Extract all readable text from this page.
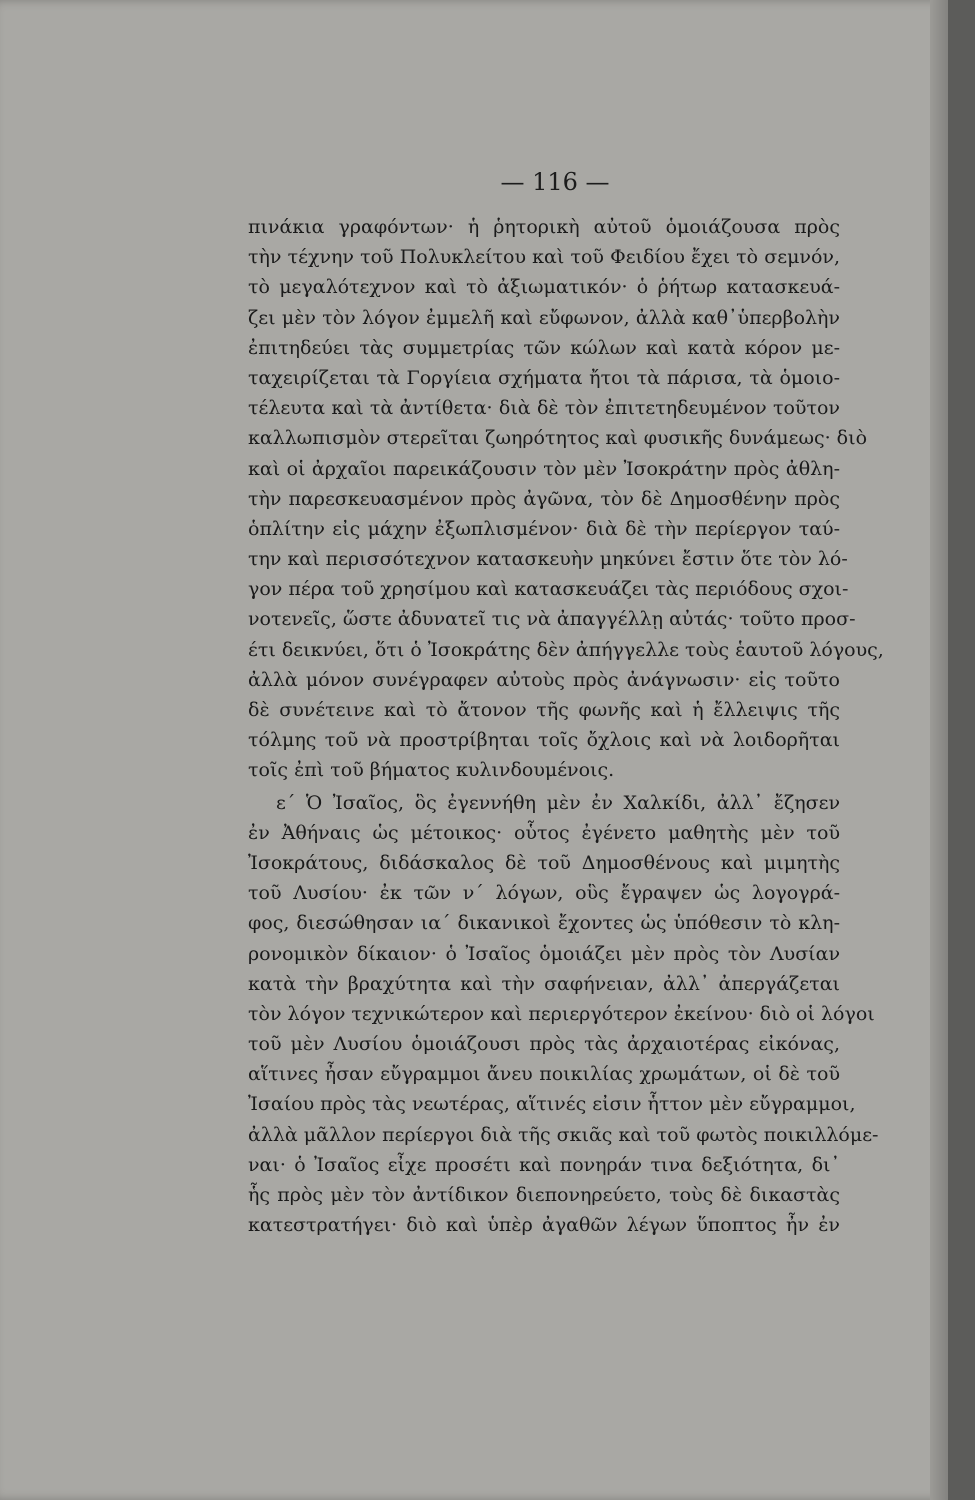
— 116 —
πινάκια γραφόντων· ἡ ῥητορικὴ αὐτοῦ ὁμοιάζουσα πρὸς
τὴν τέχνην τοῦ Πολυκλείτου καὶ τοῦ Φειδίου ἔχει τὸ σεμνόν,
τὸ μεγαλότεχνον καὶ τὸ ἀξιωματικόν· ὁ ῥήτωρ κατασκευά-
ζει μὲν τὸν λόγον ἐμμελῆ καὶ εὔφωνον, ἀλλὰ καθ᾽ὑπερβολὴν
ἐπιτηδεύει τὰς συμμετρίας τῶν κώλων καὶ κατὰ κόρον με-
ταχειρίζεται τὰ Γοργίεια σχήματα ἤτοι τὰ πάρισα, τὰ ὁμοιο-
τέλευτα καὶ τὰ ἀντίθετα· διὰ δὲ τὸν ἐπιτετηδευμένον τοῦτον
καλλωπισμὸν στερεῖται ζωηρότητος καὶ φυσικῆς δυνάμεως· διὸ
καὶ οἱ ἀρχαῖοι παρεικάζουσιν τὸν μὲν Ἰσοκράτην πρὸς ἀθλη-
τὴν παρεσκευασμένον πρὸς ἀγῶνα, τὸν δὲ Δημοσθένην πρὸς
ὁπλίτην εἰς μάχην ἐξωπλισμένον· διὰ δὲ τὴν περίεργον ταύ-
την καὶ περισσότεχνον κατασκευὴν μηκύνει ἔστιν ὅτε τὸν λό-
γον πέρα τοῦ χρησίμου καὶ κατασκευάζει τὰς περιόδους σχοι-
νοτενεῖς, ὥστε ἀδυνατεῖ τις νὰ ἀπαγγέλλῃ αὐτάς· τοῦτο προσ-
έτι δεικνύει, ὅτι ὁ Ἰσοκράτης δὲν ἀπήγγελλε τοὺς ἑαυτοῦ λόγους,
ἀλλὰ μόνον συνέγραφεν αὐτοὺς πρὸς ἀνάγνωσιν· εἰς τοῦτο
δὲ συνέτεινε καὶ τὸ ἄτονον τῆς φωνῆς καὶ ἡ ἔλλειψις τῆς
τόλμης τοῦ νὰ προστρίβηται τοῖς ὄχλοις καὶ νὰ λοιδορῆται
τοῖς ἐπὶ τοῦ βήματος κυλινδουμένοις.
ε΄ Ὁ Ἰσαῖος, ὃς ἐγεννήθη μὲν ἐν Χαλκίδι, ἀλλ᾽ ἔζησεν
ἐν Ἀθήναις ὡς μέτοικος· οὗτος ἐγένετο μαθητὴς μὲν τοῦ
Ἰσοκράτους, διδάσκαλος δὲ τοῦ Δημοσθένους καὶ μιμητὴς
τοῦ Λυσίου· ἐκ τῶν ν΄ λόγων, οὓς ἔγραψεν ὡς λογογρά-
φος, διεσώθησαν ια΄ δικανικοὶ ἔχοντες ὡς ὑπόθεσιν τὸ κλη-
ρονομικὸν δίκαιον· ὁ Ἰσαῖος ὁμοιάζει μὲν πρὸς τὸν Λυσίαν
κατὰ τὴν βραχύτητα καὶ τὴν σαφήνειαν, ἀλλ᾽ ἀπεργάζεται
τὸν λόγον τεχνικώτερον καὶ περιεργότερον ἐκείνου· διὸ οἱ λόγοι
τοῦ μὲν Λυσίου ὁμοιάζουσι πρὸς τὰς ἀρχαιοτέρας εἰκόνας,
αἵτινες ἦσαν εὔγραμμοι ἄνευ ποικιλίας χρωμάτων, οἱ δὲ τοῦ
Ἰσαίου πρὸς τὰς νεωτέρας, αἵτινές εἰσιν ἧττον μὲν εὔγραμμοι,
ἀλλὰ μᾶλλον περίεργοι διὰ τῆς σκιᾶς καὶ τοῦ φωτὸς ποικιλλόμε-
ναι· ὁ Ἰσαῖος εἶχε προσέτι καὶ πονηράν τινα δεξιότητα, δι᾽
ἧς πρὸς μὲν τὸν ἀντίδικον διεπονηρεύετο, τοὺς δὲ δικαστὰς
κατεστρατήγει· διὸ καὶ ὑπὲρ ἀγαθῶν λέγων ὕποπτος ἦν ἐν
